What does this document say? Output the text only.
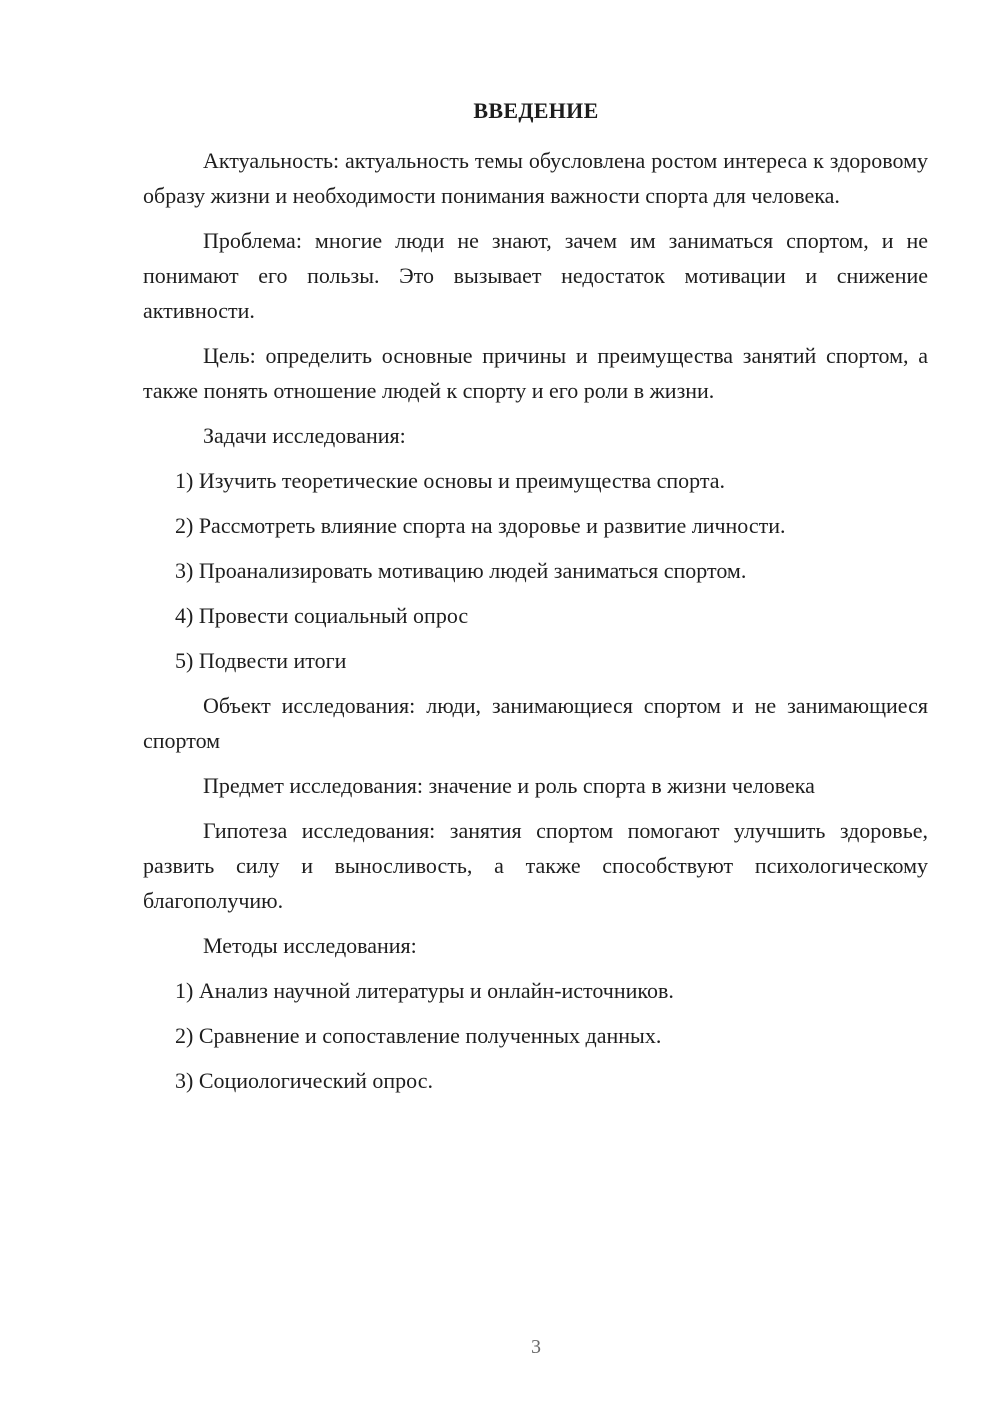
ВВЕДЕНИЕ

Актуальность: актуальность темы обусловлена ростом интереса к здоровому образу жизни и необходимости понимания важности спорта для человека.

Проблема: многие люди не знают, зачем им заниматься спортом, и не понимают его пользы. Это вызывает недостаток мотивации и снижение активности.

Цель: определить основные причины и преимущества занятий спортом, а также понять отношение людей к спорту и его роли в жизни.

Задачи исследования:

1) Изучить теоретические основы и преимущества спорта.

2) Рассмотреть влияние спорта на здоровье и развитие личности.

3) Проанализировать мотивацию людей заниматься спортом.

4) Провести социальный опрос

5) Подвести итоги

Объект исследования: люди, занимающиеся спортом и не занимающиеся спортом

Предмет исследования: значение и роль спорта в жизни человека

Гипотеза исследования: занятия спортом помогают улучшить здоровье, развить силу и выносливость, а также способствуют психологическому благополучию.

Методы исследования:

1) Анализ научной литературы и онлайн-источников.

2) Сравнение и сопоставление полученных данных.

3) Социологический опрос.

3
